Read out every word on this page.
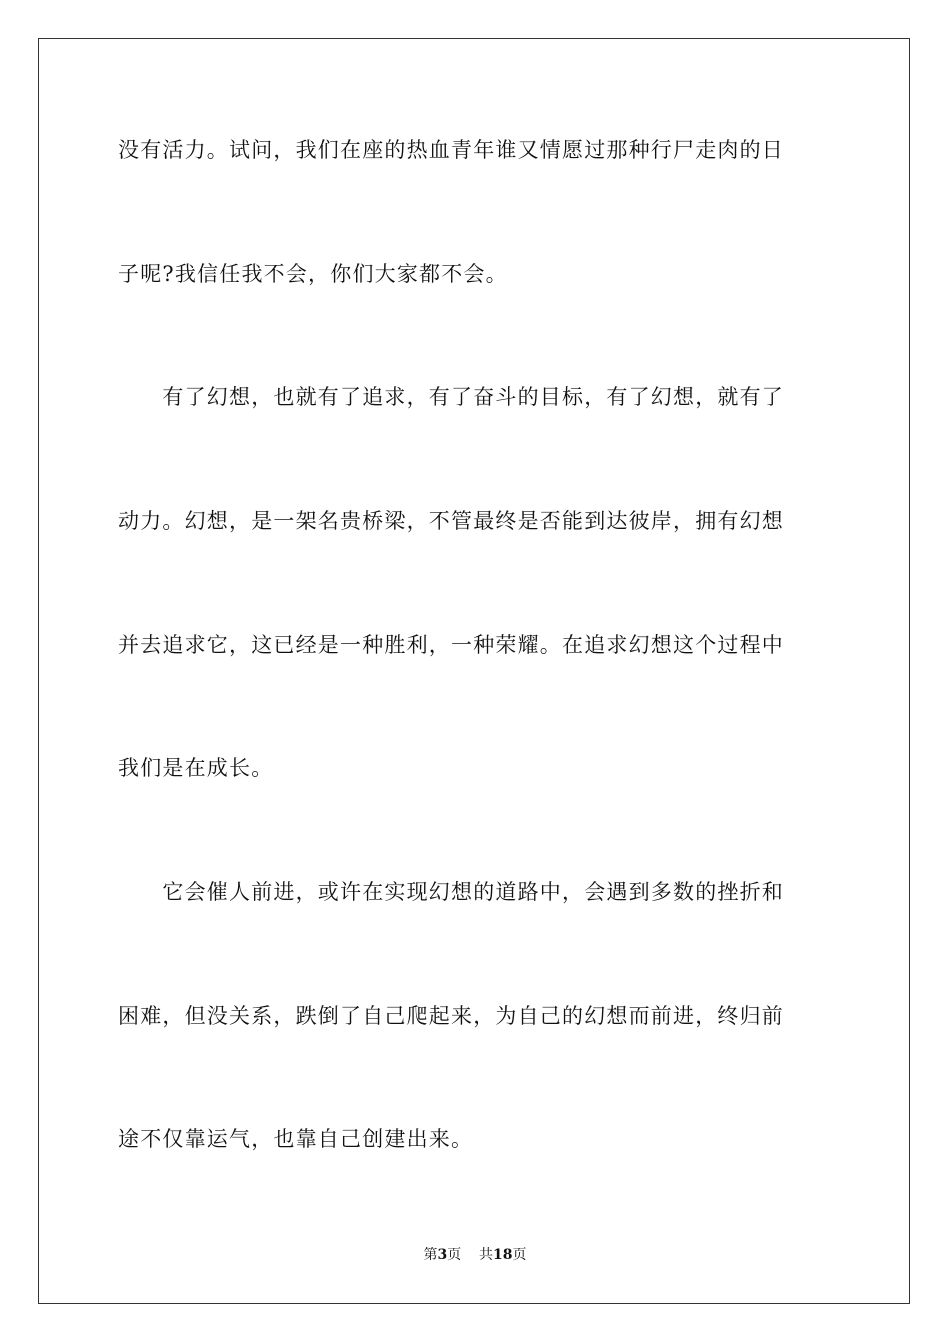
没有活力。试问，我们在座的热血青年谁又情愿过那种行尸走肉的日
子呢?我信任我不会，你们大家都不会。
　　有了幻想，也就有了追求，有了奋斗的目标，有了幻想，就有了
动力。幻想，是一架名贵桥梁，不管最终是否能到达彼岸，拥有幻想
并去追求它，这已经是一种胜利，一种荣耀。在追求幻想这个过程中
我们是在成长。
　　它会催人前进，或许在实现幻想的道路中，会遇到多数的挫折和
困难，但没关系，跌倒了自己爬起来，为自己的幻想而前进，终归前
途不仅靠运气，也靠自己创建出来。
第3页 共18页
